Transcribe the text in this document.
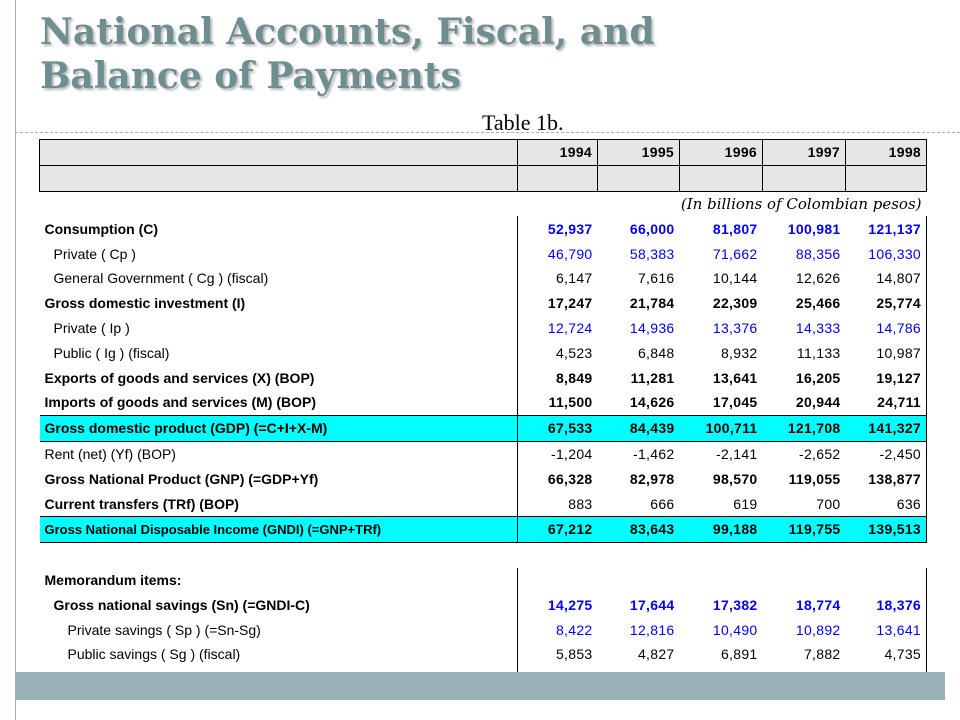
National Accounts, Fiscal, and
Balance of Payments
Table 1b.
	1994	1995	1996	1997	1998

(In billions of Colombian pesos)					
Consumption (C)	52,937	66,000	81,807	100,981	121,137
Private ( Cp )	46,790	58,383	71,662	88,356	106,330
General Government ( Cg ) (fiscal)	6,147	7,616	10,144	12,626	14,807
Gross domestic investment (I)	17,247	21,784	22,309	25,466	25,774
Private ( Ip )	12,724	14,936	13,376	14,333	14,786
Public ( Ig ) (fiscal)	4,523	6,848	8,932	11,133	10,987
Exports of goods and services (X) (BOP)	8,849	11,281	13,641	16,205	19,127
Imports of goods and services (M) (BOP)	11,500	14,626	17,045	20,944	24,711
Gross domestic product (GDP) (=C+I+X-M)	67,533	84,439	100,711	121,708	141,327
Rent (net) (Yf) (BOP)	-1,204	-1,462	-2,141	-2,652	-2,450
Gross National Product (GNP) (=GDP+Yf)	66,328	82,978	98,570	119,055	138,877
Current transfers (TRf) (BOP)	883	666	619	700	636
Gross National Disposable Income (GNDI) (=GNP+TRf)	67,212	83,643	99,188	119,755	139,513

Memorandum items:					
Gross national savings (Sn) (=GNDI-C)	14,275	17,644	17,382	18,774	18,376
Private savings ( Sp ) (=Sn-Sg)	8,422	12,816	10,490	10,892	13,641
Public savings ( Sg ) (fiscal)	5,853	4,827	6,891	7,882	4,735
